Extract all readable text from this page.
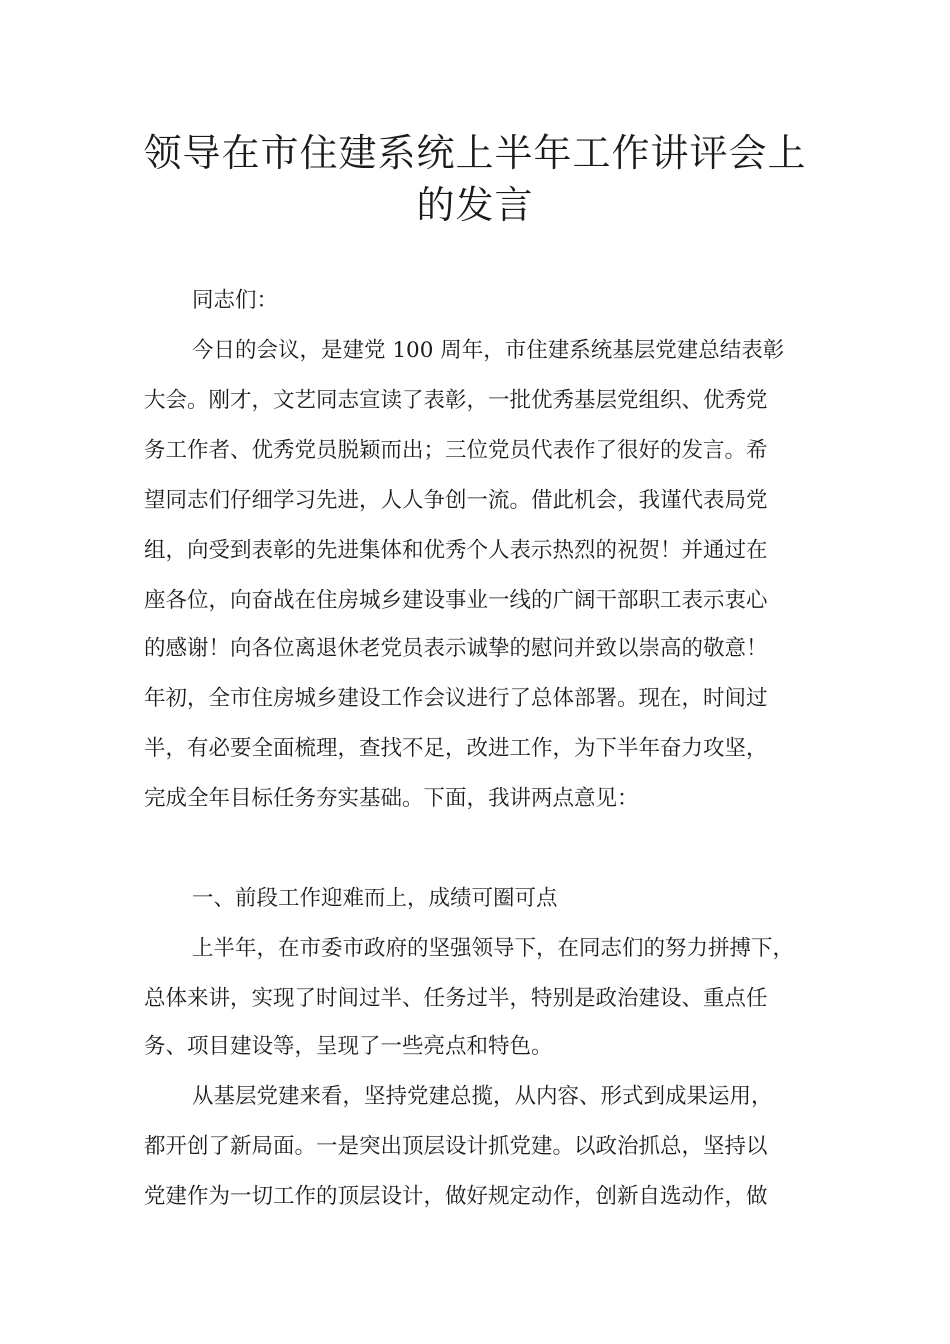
领导在市住建系统上半年工作讲评会上
的发言

同志们：

今日的会议，是建党 100 周年，市住建系统基层党建总结表彰

大会。刚才，文艺同志宣读了表彰，一批优秀基层党组织、优秀党

务工作者、优秀党员脱颖而出；三位党员代表作了很好的发言。希

望同志们仔细学习先进，人人争创一流。借此机会，我谨代表局党

组，向受到表彰的先进集体和优秀个人表示热烈的祝贺！并通过在

座各位，向奋战在住房城乡建设事业一线的广阔干部职工表示衷心

的感谢！向各位离退休老党员表示诚挚的慰问并致以崇高的敬意！

年初，全市住房城乡建设工作会议进行了总体部署。现在，时间过

半，有必要全面梳理，查找不足，改进工作，为下半年奋力攻坚，

完成全年目标任务夯实基础。下面，我讲两点意见：

一、前段工作迎难而上，成绩可圈可点

上半年，在市委市政府的坚强领导下，在同志们的努力拼搏下，

总体来讲，实现了时间过半、任务过半，特别是政治建设、重点任

务、项目建设等，呈现了一些亮点和特色。

从基层党建来看，坚持党建总揽，从内容、形式到成果运用，

都开创了新局面。一是突出顶层设计抓党建。以政治抓总，坚持以

党建作为一切工作的顶层设计，做好规定动作，创新自选动作，做
